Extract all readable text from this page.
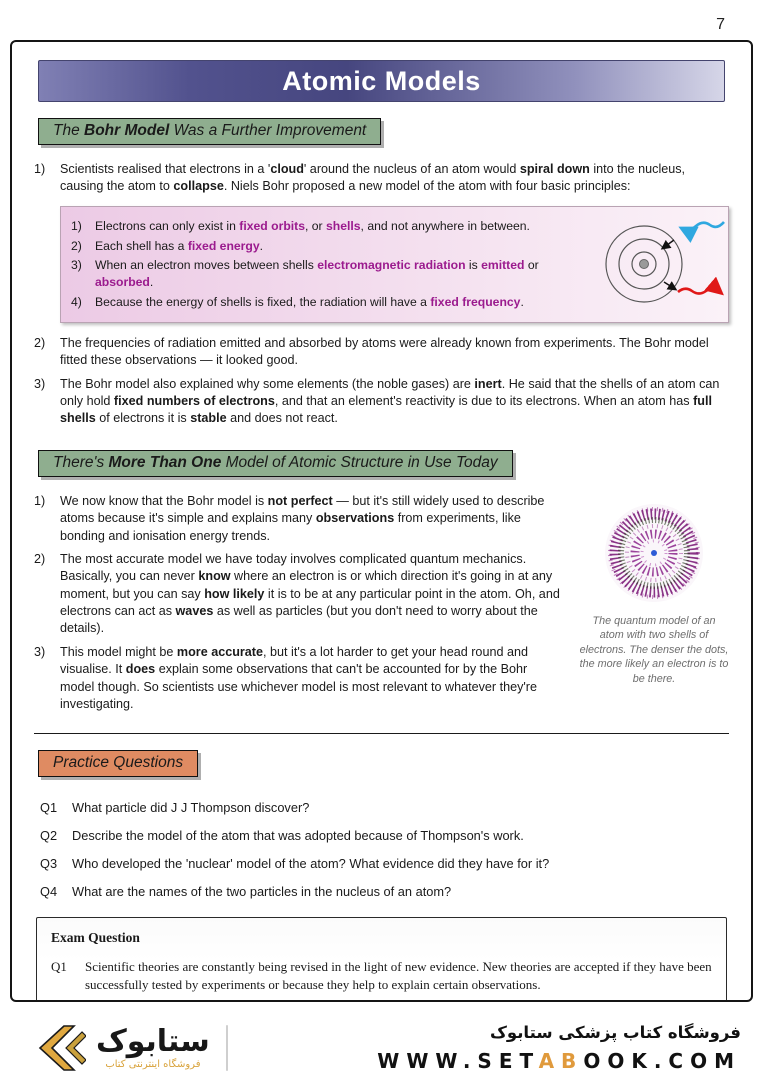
7
Atomic Models
The Bohr Model Was a Further Improvement
1)	Scientists realised that electrons in a 'cloud' around the nucleus of an atom would spiral down into the nucleus, causing the atom to collapse. Niels Bohr proposed a new model of the atom with four basic principles:
1)	Electrons can only exist in fixed orbits, or shells, and not anywhere in between.
2)	Each shell has a fixed energy.
3)	When an electron moves between shells electromagnetic radiation is emitted or absorbed.
4)	Because the energy of shells is fixed, the radiation will have a fixed frequency.
2)	The frequencies of radiation emitted and absorbed by atoms were already known from experiments. The Bohr model fitted these observations — it looked good.
3)	The Bohr model also explained why some elements (the noble gases) are inert. He said that the shells of an atom can only hold fixed numbers of electrons, and that an element's reactivity is due to its electrons. When an atom has full shells of electrons it is stable and does not react.
There's More Than One Model of Atomic Structure in Use Today
1)	We now know that the Bohr model is not perfect — but it's still widely used to describe atoms because it's simple and explains many observations from experiments, like bonding and ionisation energy trends.
2)	The most accurate model we have today involves complicated quantum mechanics. Basically, you can never know where an electron is or which direction it's going in at any moment, but you can say how likely it is to be at any particular point in the atom. Oh, and electrons can act as waves as well as particles (but you don't need to worry about the details).
3)	This model might be more accurate, but it's a lot harder to get your head round and visualise. It does explain some observations that can't be accounted for by the Bohr model though. So scientists use whichever model is most relevant to whatever they're investigating.
The quantum model of an atom with two shells of electrons. The denser the dots, the more likely an electron is to be there.
Practice Questions
Q1	What particle did J J Thompson discover?
Q2	Describe the model of the atom that was adopted because of Thompson's work.
Q3	Who developed the 'nuclear' model of the atom? What evidence did they have for it?
Q4	What are the names of the two particles in the nucleus of an atom?
Exam Question
Q1	Scientific theories are constantly being revised in the light of new evidence. New theories are accepted if they have been successfully tested by experiments or because they help to explain certain observations.
ستابوک
فروشگاه اینترنتی کتاب
فروشگاه کتاب پزشکی ستابوک
WWW.SETABOOK.COM
